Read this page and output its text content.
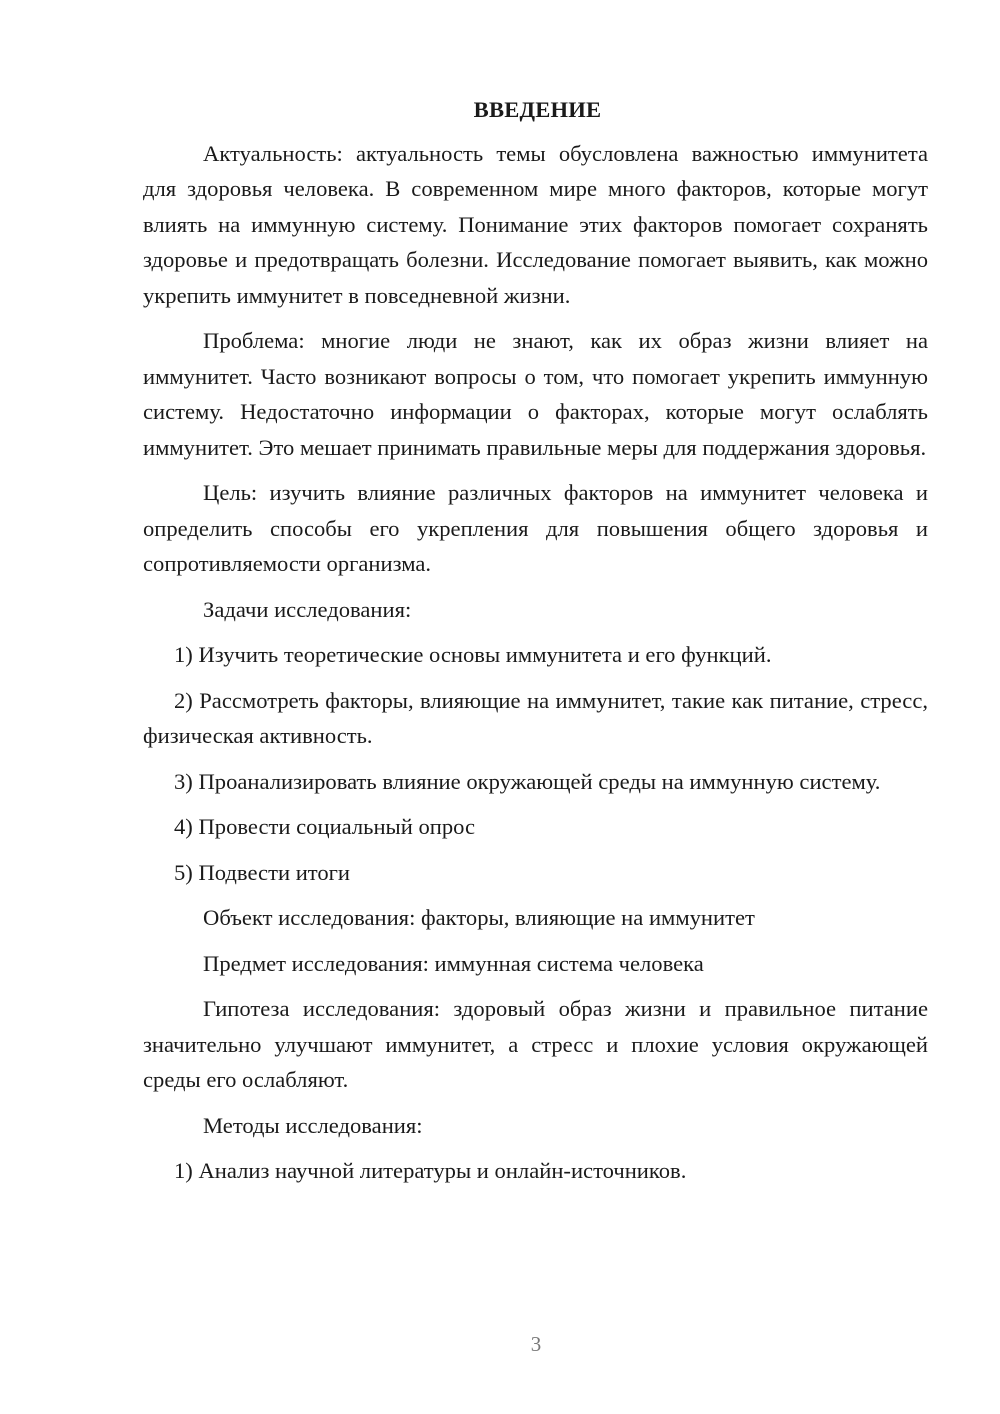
ВВЕДЕНИЕ

Актуальность: актуальность темы обусловлена важностью иммунитета для здоровья человека. В современном мире много факторов, которые могут влиять на иммунную систему. Понимание этих факторов помогает сохранять здоровье и предотвращать болезни. Исследование помогает выявить, как можно укрепить иммунитет в повседневной жизни.

Проблема: многие люди не знают, как их образ жизни влияет на иммунитет. Часто возникают вопросы о том, что помогает укрепить иммунную систему. Недостаточно информации о факторах, которые могут ослаблять иммунитет. Это мешает принимать правильные меры для поддержания здоровья.

Цель: изучить влияние различных факторов на иммунитет человека и определить способы его укрепления для повышения общего здоровья и сопротивляемости организма.

Задачи исследования:

1) Изучить теоретические основы иммунитета и его функций.

2) Рассмотреть факторы, влияющие на иммунитет, такие как питание, стресс, физическая активность.

3) Проанализировать влияние окружающей среды на иммунную систему.

4) Провести социальный опрос

5) Подвести итоги

Объект исследования: факторы, влияющие на иммунитет

Предмет исследования: иммунная система человека

Гипотеза исследования: здоровый образ жизни и правильное питание значительно улучшают иммунитет, а стресс и плохие условия окружающей среды его ослабляют.

Методы исследования:

1) Анализ научной литературы и онлайн-источников.

3
